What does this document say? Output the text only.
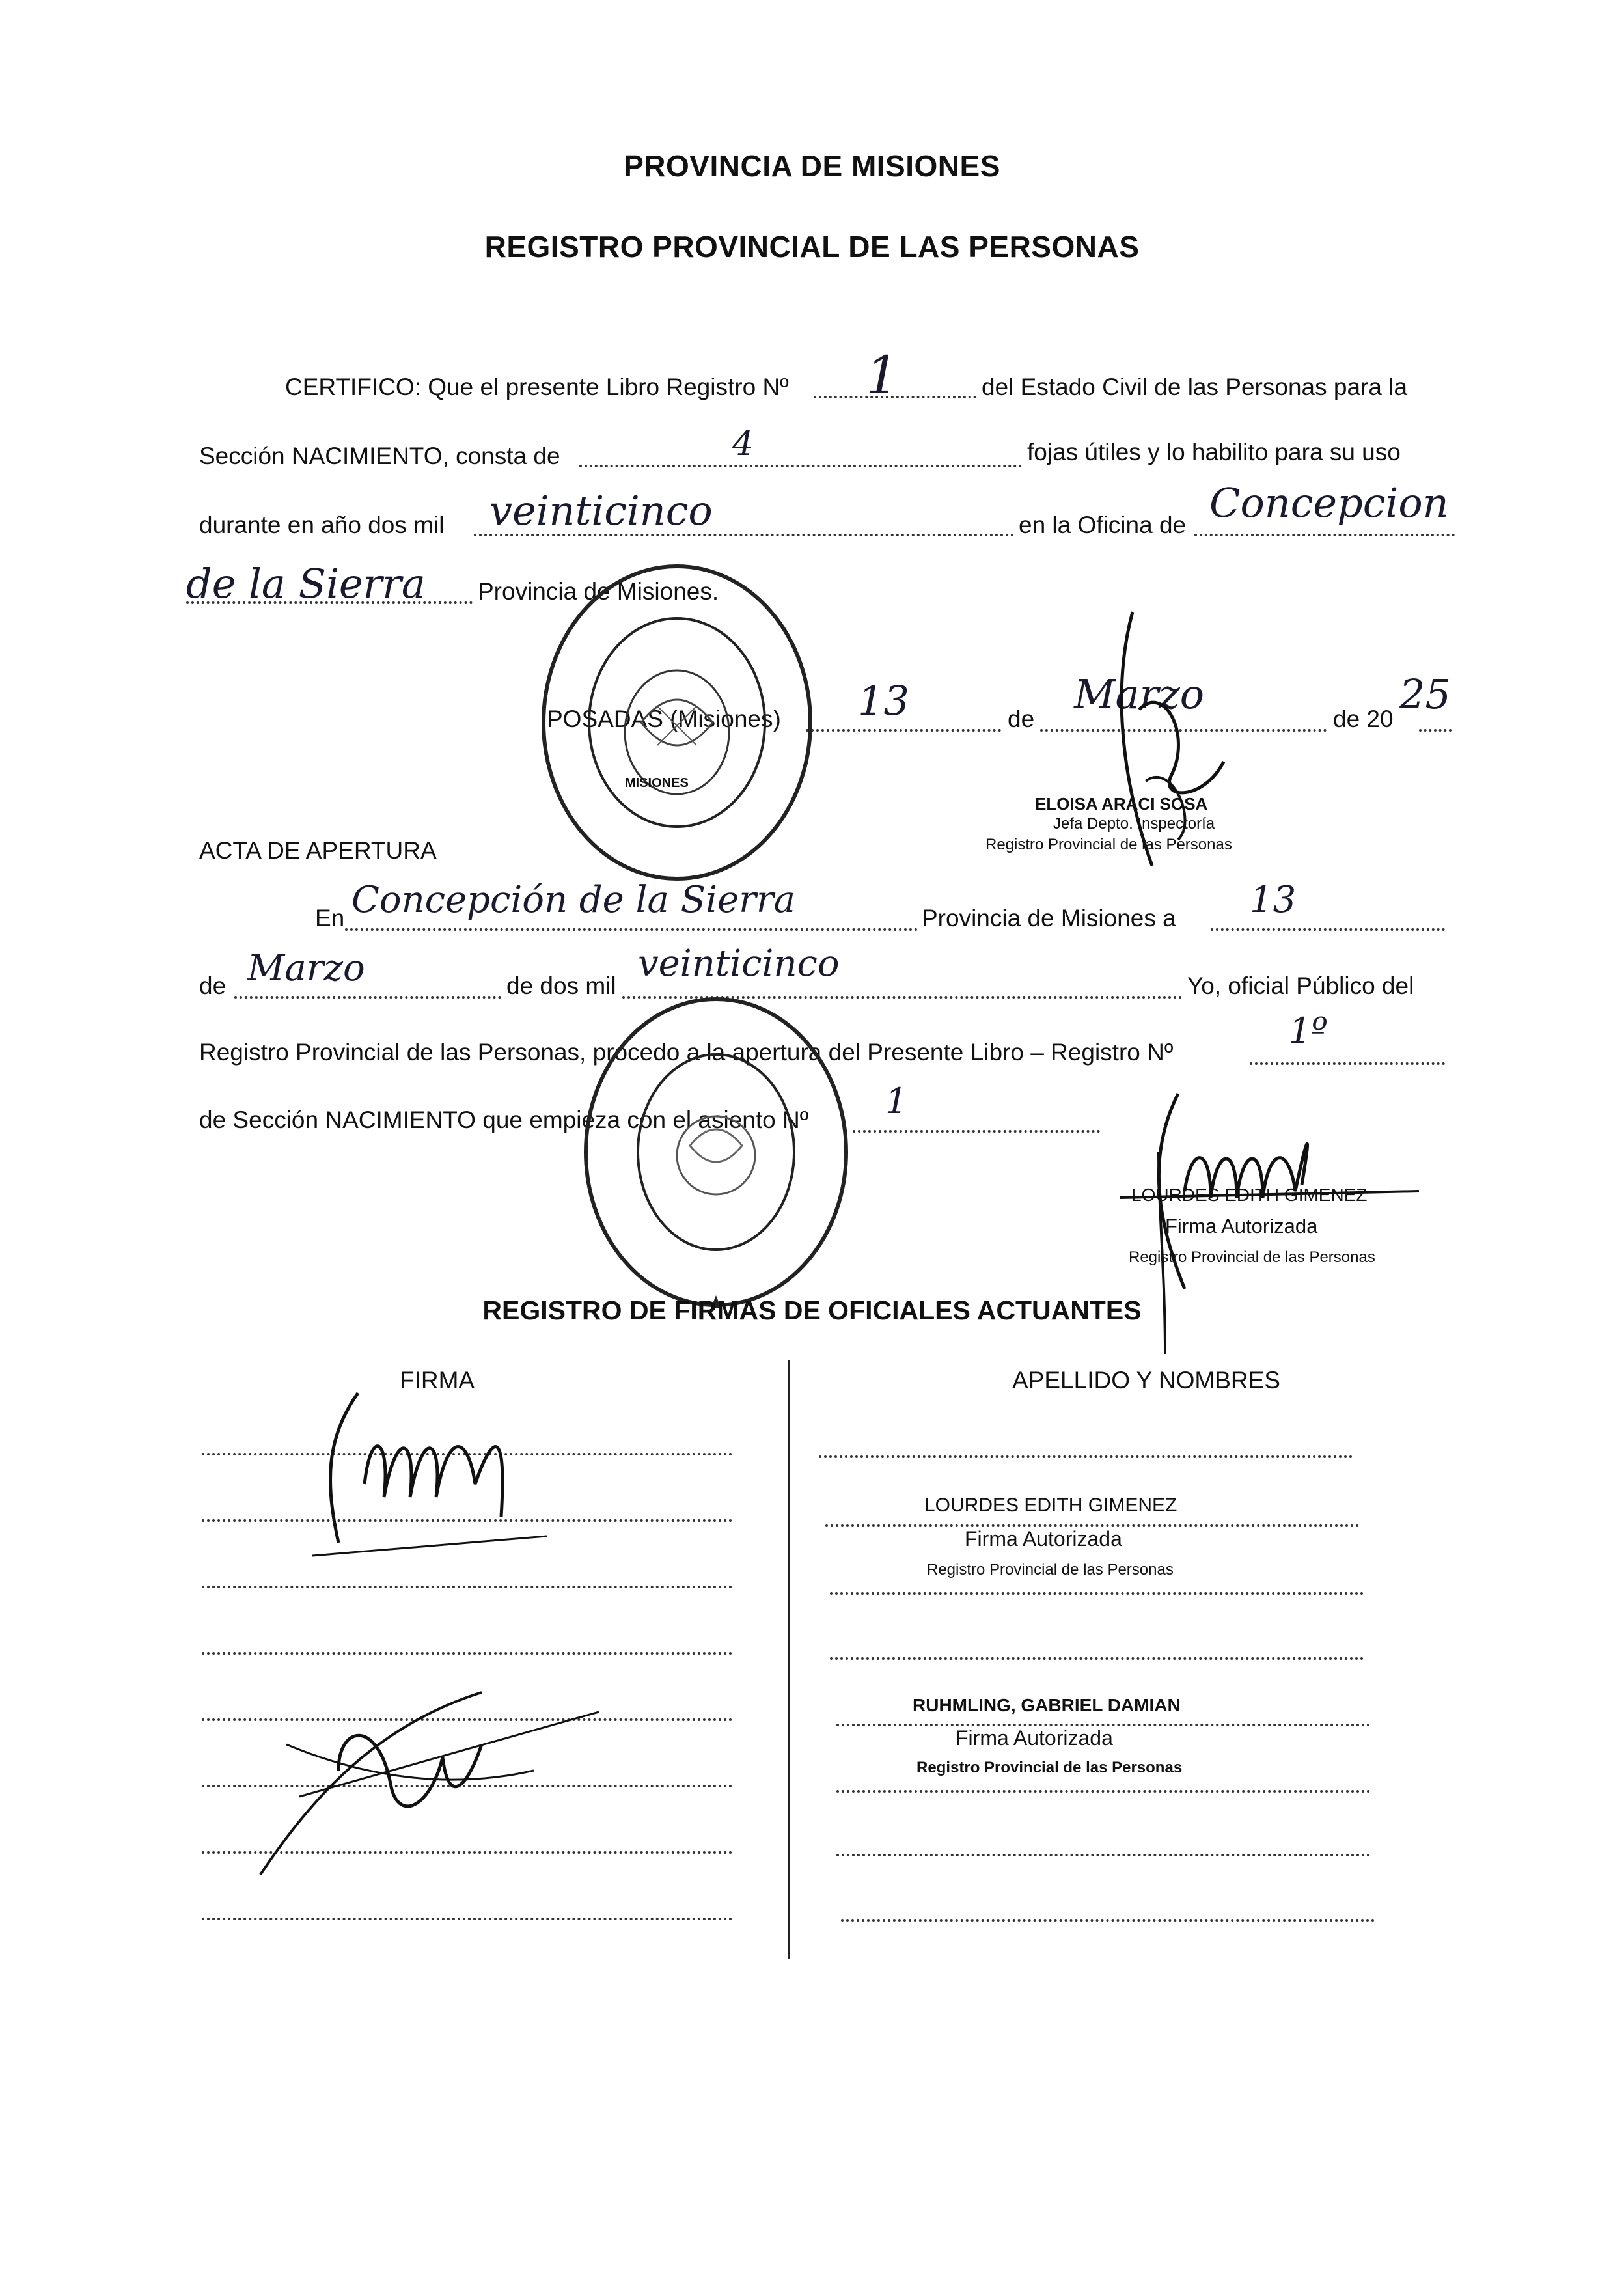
PROVINCIA DE MISIONES
REGISTRO PROVINCIAL DE LAS PERSONAS
CERTIFICO: Que el presente Libro Registro Nº 1	del Estado Civil de las Personas para la
Sección NACIMIENTO, consta de	4	fojas útiles y lo habilito para su uso
durante en año dos mil veinticinco	en la Oficina de Concepcion
de la Sierra Provincia de Misiones.
POSADAS (Misiones) 13	de
Marzo
de 20
25
MISIONES
ELOISA ARACI SOSA
Jefa Depto. Inspectoría
Registro Provincial de las Personas
ACTA DE APERTURA
En Concepción de la Sierra	Provincia de Misiones a 13
de Marzo	de dos mil
veinticinco
Yo, oficial Público del
Registro Provincial de las Personas, procedo a la apertura del Presente Libro – Registro Nº
1º
de Sección NACIMIENTO que empieza con el asiento Nº 1
LOURDES EDITH GIMENEZ
Firma Autorizada
Registro Provincial de las Personas
REGISTRO DE FIRMAS DE OFICIALES ACTUANTES
FIRMA	APELLIDO Y NOMBRES
LOURDES EDITH GIMENEZ
Firma Autorizada
Registro Provincial de las Personas
RUHMLING, GABRIEL DAMIAN
Firma Autorizada
Registro Provincial de las Personas
